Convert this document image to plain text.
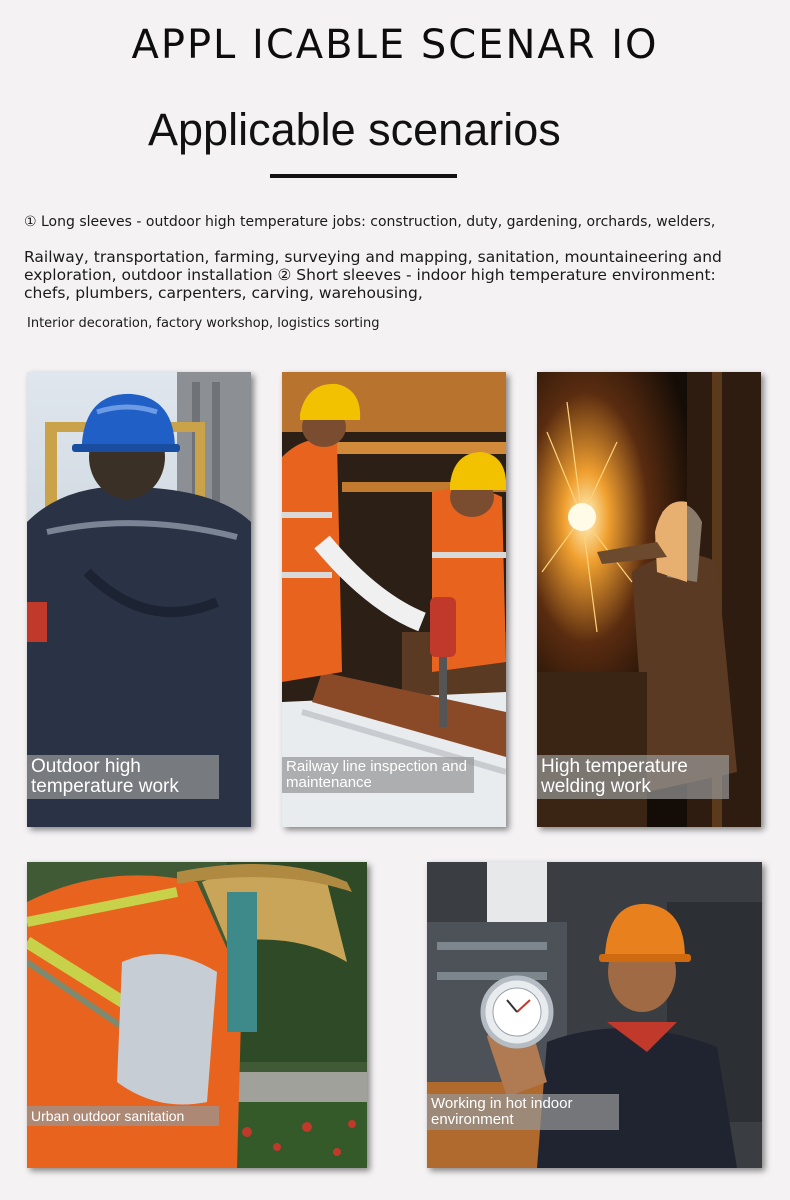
APPL ICABLE SCENAR IO
Applicable scenarios
① Long sleeves - outdoor high temperature jobs: construction, duty, gardening, orchards, welders,
Railway, transportation, farming, surveying and mapping, sanitation, mountaineering and exploration, outdoor installation ② Short sleeves - indoor high temperature environment: chefs, plumbers, carpenters, carving, warehousing,
Interior decoration, factory workshop, logistics sorting
Outdoor high temperature work
Railway line inspection and maintenance
High temperature welding work
Urban outdoor sanitation
Working in hot indoor environment
